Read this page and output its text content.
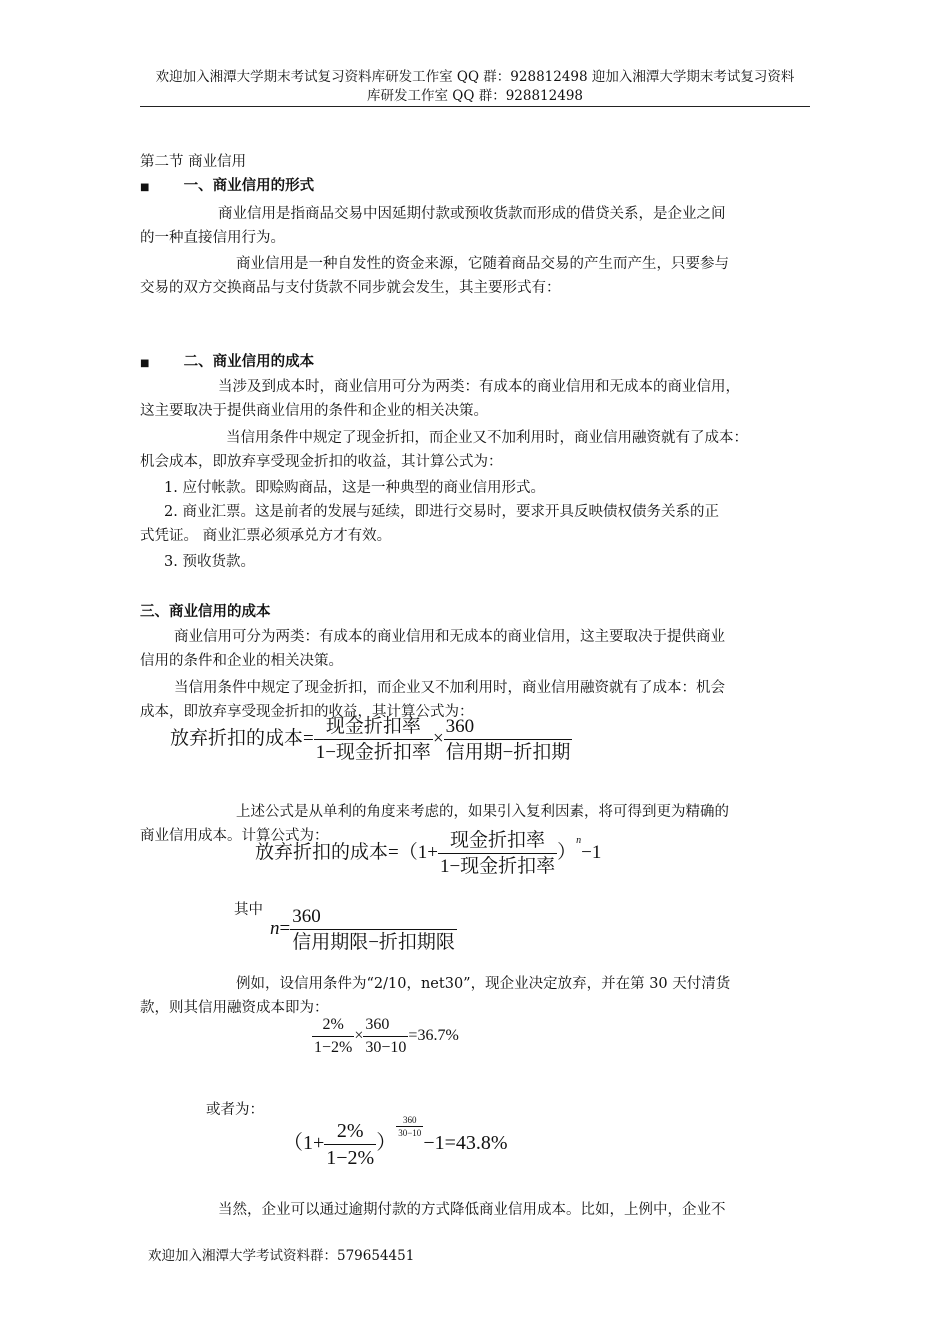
欢迎加入湘潭大学期末考试复习资料库研发工作室 QQ 群：928812498 迎加入湘潭大学期末考试复习资料
库研发工作室 QQ 群：928812498
第二节 商业信用
■ 一、商业信用的形式
商业信用是指商品交易中因延期付款或预收货款而形成的借贷关系，是企业之间
的一种直接信用行为。
商业信用是一种自发性的资金来源，它随着商品交易的产生而产生，只要参与
交易的双方交换商品与支付货款不同步就会发生，其主要形式有：
■ 二、商业信用的成本
当涉及到成本时，商业信用可分为两类：有成本的商业信用和无成本的商业信用，
这主要取决于提供商业信用的条件和企业的相关决策。
当信用条件中规定了现金折扣，而企业又不加利用时，商业信用融资就有了成本：
机会成本，即放弃享受现金折扣的收益，其计算公式为：
1. 应付帐款。即赊购商品，这是一种典型的商业信用形式。
2. 商业汇票。这是前者的发展与延续，即进行交易时，要求开具反映债权债务关系的正
式凭证。 商业汇票必须承兑方才有效。
3. 预收货款。
三、商业信用的成本
商业信用可分为两类：有成本的商业信用和无成本的商业信用，这主要取决于提供商业
信用的条件和企业的相关决策。
当信用条件中规定了现金折扣，而企业又不加利用时，商业信用融资就有了成本：机会
成本，即放弃享受现金折扣的收益，其计算公式为：
放弃折扣的成本= $\frac{\text{现金折扣率}}{\text{1−现金折扣率}} \times \frac{360}{\text{信用期−折扣期}}$
上述公式是从单利的角度来考虑的，如果引入复利因素，将可得到更为精确的
商业信用成本。计算公式为：
放弃折扣的成本$=(1+ \frac{\text{现金折扣率}}{\text{1−现金折扣率}} )^n-1$
其中
$n= \frac{360}{\text{信用期限−折扣期限}}$
例如，设信用条件为“2/10，net30”，现企业决定放弃，并在第 30 天付清货
款，则其信用融资成本即为：
$\frac{2\%}{1-2\%} \times \frac{360}{30-10} =36.7\%$
或者为：
（$1+ \frac{2\%}{1-2\%}$ ）
$\frac{360}{30-10}$
−1=43.8%
当然，企业可以通过逾期付款的方式降低商业信用成本。比如，上例中，企业不
欢迎加入湘潭大学考试资料群：579654451
